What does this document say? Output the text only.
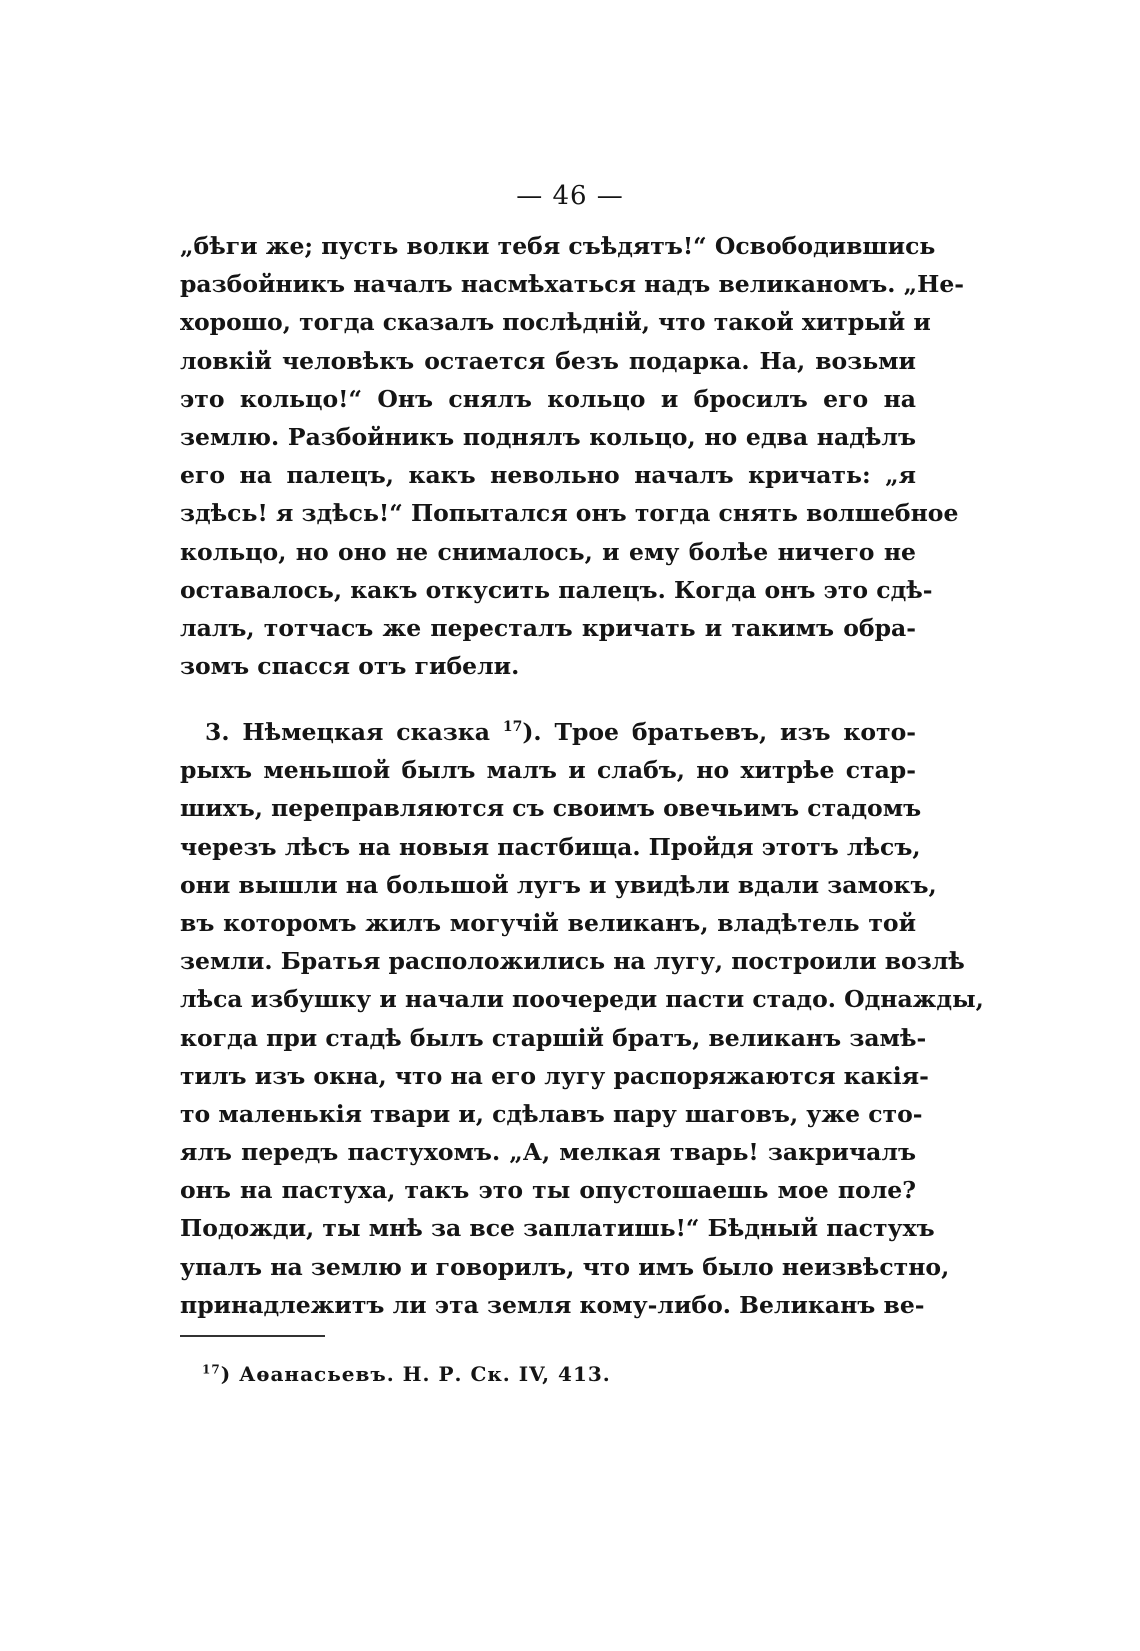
— 46 —
„бѣги же; пусть волки тебя съѣдятъ!“ Освободившись
разбойникъ началъ насмѣхаться надъ великаномъ. „Не-
хорошо, тогда сказалъ послѣдній, что такой хитрый и
ловкій человѣкъ остается безъ подарка. На, возьми
это кольцо!“ Онъ снялъ кольцо и бросилъ его на
землю. Разбойникъ поднялъ кольцо, но едва надѣлъ
его на палецъ, какъ невольно началъ кричать: „я
здѣсь! я здѣсь!“ Попытался онъ тогда снять волшебное
кольцо, но оно не снималось, и ему болѣе ничего не
оставалось, какъ откусить палецъ. Когда онъ это сдѣ-
лалъ, тотчасъ же пересталъ кричать и такимъ обра-
зомъ спасся отъ гибели.
3. Нѣмецкая сказка $^{17}$). Трое братьевъ, изъ кото-
рыхъ меньшой былъ малъ и слабъ, но хитрѣе стар-
шихъ, переправляются съ своимъ овечьимъ стадомъ
черезъ лѣсъ на новыя пастбища. Пройдя этотъ лѣсъ,
они вышли на большой лугъ и увидѣли вдали замокъ,
въ которомъ жилъ могучій великанъ, владѣтель той
земли. Братья расположились на лугу, построили возлѣ
лѣса избушку и начали поочереди пасти стадо. Однажды,
когда при стадѣ былъ старшій братъ, великанъ замѣ-
тилъ изъ окна, что на его лугу распоряжаются какія-
то маленькія твари и, сдѣлавъ пару шаговъ, уже сто-
ялъ передъ пастухомъ. „А, мелкая тварь! закричалъ
онъ на пастуха, такъ это ты опустошаешь мое поле?
Подожди, ты мнѣ за все заплатишь!“ Бѣдный пастухъ
упалъ на землю и говорилъ, что имъ было неизвѣстно,
принадлежитъ ли эта земля кому-либо. Великанъ ве-
$^{17}$) Аѳанасьевъ. Н. Р. Ск. IV, 413.
